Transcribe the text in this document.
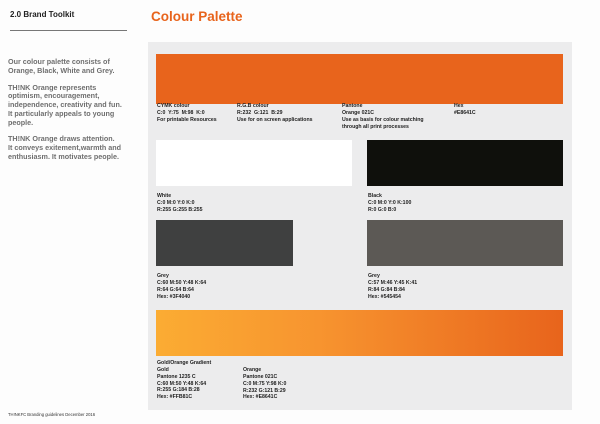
2.0 Brand Toolkit	Colour Palette

Our colour palette consists of
Orange, Black, White and Grey.

TH!NK Orange represents
optimism, encouragement,
independence, creativity and fun.
It particularly appeals to young
people.

TH!NK Orange draws attention.
It conveys exitement,warmth and
enthusiasm. It motivates people.

CYMK colour
C:0  Y:75  M:98  K:0
For printable Resources
R.G.B colour
R:232  G:121  B:29
Use for on screen applications
Pantone
Orange 021C
Use as basis for colour matching
through all print processes
Hex
#E8641C
White
C:0 M:0 Y:0 K:0
R:255 G:255 B:255
Black
C:0 M:0 Y:0 K:100
R:0 G:0 B:0
Grey
C:60 M:50 Y:48 K:64
R:64 G:64 B:64
Hex: #3F4040
Grey
C:57 M:46 Y:45 K:41
R:84 G:84 B:84
Hex: #545454
Gold/Orange Gradient
Gold
Pantone 1235 C
C:60 M:50 Y:48 K:64
R:255 G:184 B:28
Hex: #FFB81C
Orange
Pantone 021C
C:0 M:75 Y:98 K:0
R:232 G:121 B:29
Hex: #E8641C
TH!NKFC Branding guidelines December 2016
